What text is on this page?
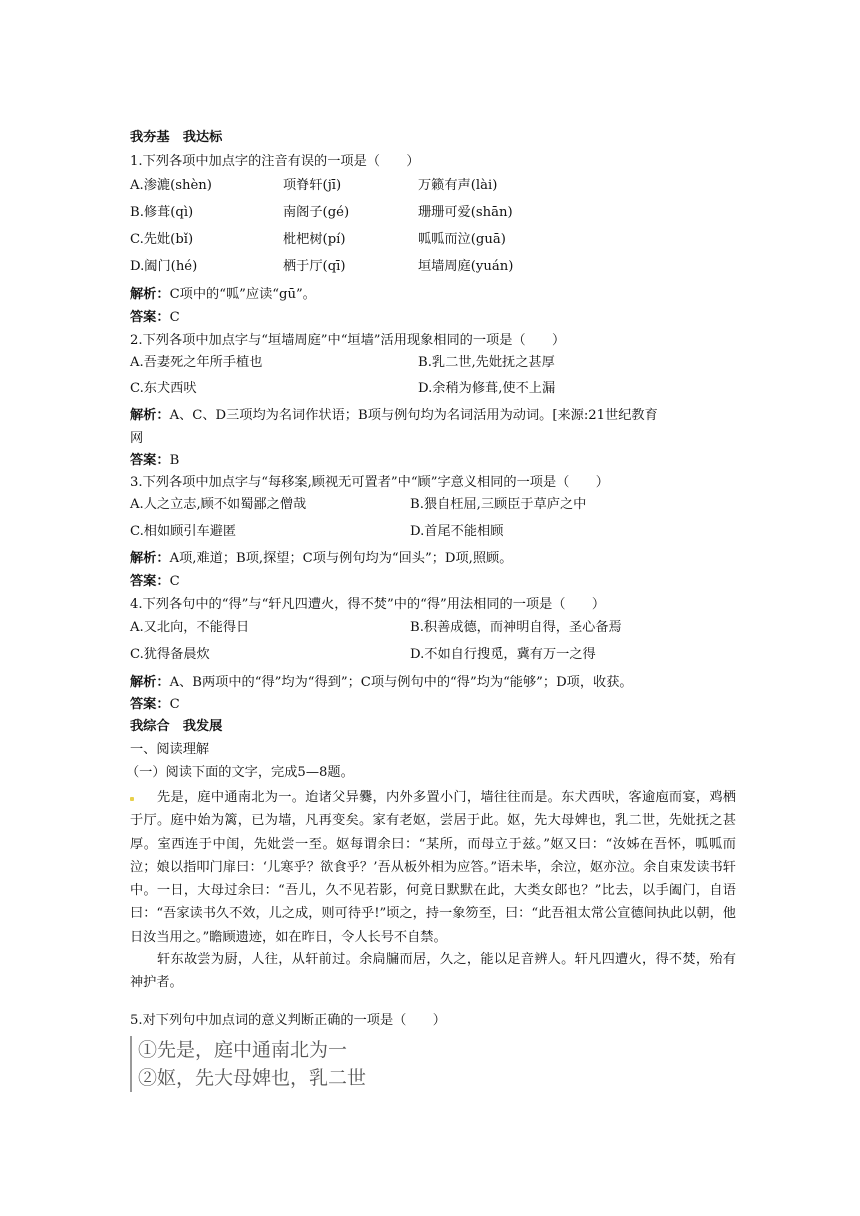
我夯基　我达标
1.下列各项中加点字的注音有误的一项是（　　）
A.渗漉(shèn)	项脊轩(jī)	万籁有声(lài)
B.修葺(qì)	南阁子(gé)	珊珊可爱(shān)
C.先妣(bǐ)	枇杷树(pí)	呱呱而泣(guā)
D.阖门(hé)	栖于厅(qī)	垣墙周庭(yuán)
解析：C项中的“呱”应读“gū”。
答案：C
2.下列各项中加点字与“垣墙周庭”中“垣墙”活用现象相同的一项是（　　）
A.吾妻死之年所手植也	B.乳二世,先妣抚之甚厚
C.东犬西吠	D.余稍为修葺,使不上漏
解析：A、C、D三项均为名词作状语；B项与例句均为名词活用为动词。[来源:21世纪教育
网
答案：B
3.下列各项中加点字与“每移案,顾视无可置者”中“顾”字意义相同的一项是（　　）
A.人之立志,顾不如蜀鄙之僧哉	B.猥自枉屈,三顾臣于草庐之中
C.相如顾引车避匿	D.首尾不能相顾
解析：A项,难道；B项,探望；C项与例句均为“回头”；D项,照顾。
答案：C
4.下列各句中的“得”与“轩凡四遭火，得不焚”中的“得”用法相同的一项是（　　）
A.又北向，不能得日	B.积善成德，而神明自得，圣心备焉
C.犹得备晨炊	D.不如自行搜觅，冀有万一之得
解析：A、B两项中的“得”均为“得到”；C项与例句中的“得”均为“能够”；D项，收获。
答案：C
我综合　我发展
一、阅读理解
（一）阅读下面的文字，完成5—8题。
先是，庭中通南北为一。迨诸父异爨，内外多置小门，墙往往而是。东犬西吠，客逾庖而宴，鸡栖于厅。庭中始为篱，已为墙，凡再变矣。家有老妪，尝居于此。妪，先大母婢也，乳二世，先妣抚之甚厚。室西连于中闺，先妣尝一至。妪每谓余曰：“某所，而母立于兹。”妪又曰：“汝姊在吾怀，呱呱而泣；娘以指叩门扉曰：‘儿寒乎？欲食乎？’吾从板外相为应答。”语未毕，余泣，妪亦泣。余自束发读书轩中。一日，大母过余曰：“吾儿，久不见若影，何竟日默默在此，大类女郎也？”比去，以手阖门，自语曰：“吾家读书久不效，儿之成，则可待乎!”顷之，持一象笏至，曰：“此吾祖太常公宣德间执此以朝，他日汝当用之。”瞻顾遗迹，如在昨日，令人长号不自禁。
轩东故尝为厨，人往，从轩前过。余扃牖而居，久之，能以足音辨人。轩凡四遭火，得不焚，殆有神护者。
5.对下列句中加点词的意义判断正确的一项是（　　）
①先是，庭中通南北为一
②妪，先大母婢也，乳二世
